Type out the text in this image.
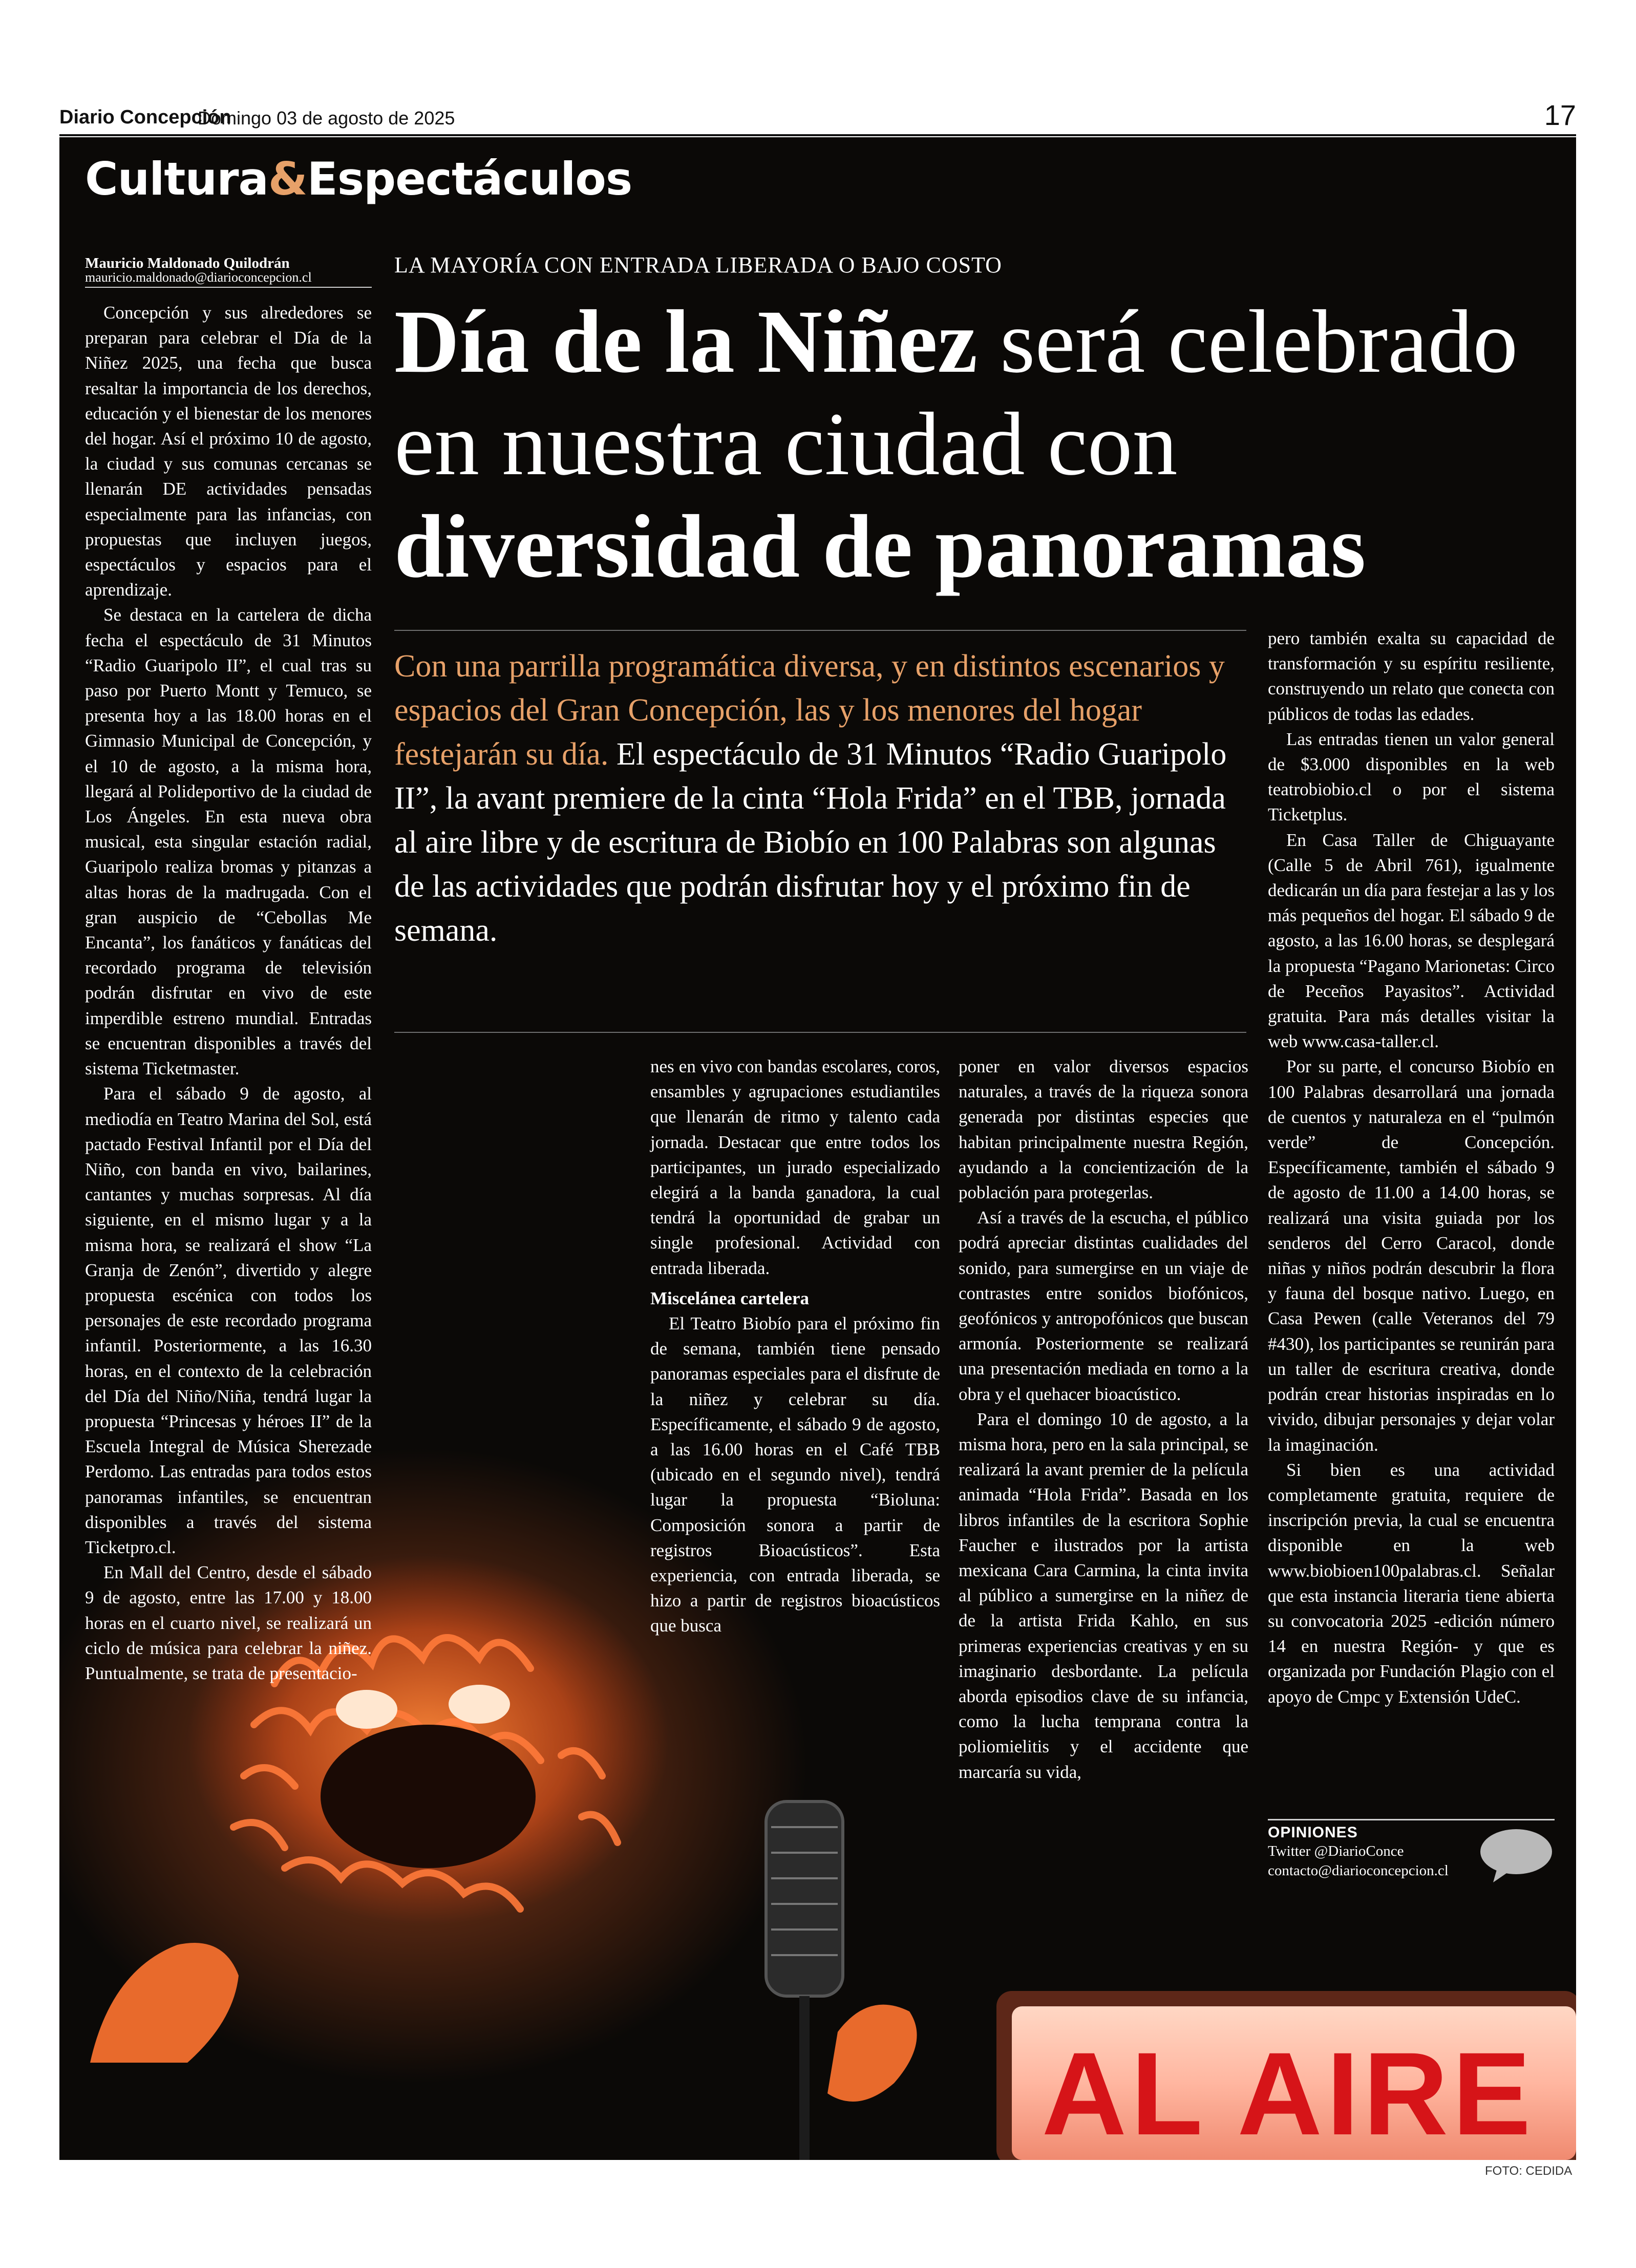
Diario Concepción
Domingo 03 de agosto de 2025	17
AL AIRE
Cultura&Espectáculos
Mauricio Maldonado Quilodrán
mauricio.maldonado@diarioconcepcion.cl	LA MAYORÍA CON ENTRADA LIBERADA O BAJO COSTO
Día de la Niñez será celebrado
en nuestra ciudad con
diversidad de panoramas
Con una parrilla programática diversa, y en distintos escenarios y espacios del Gran Concepción, las y los menores del hogar festejarán su día. El espectáculo de 31 Minutos “Radio Guaripolo II”, la avant premiere de la cinta “Hola Frida” en el TBB, jornada al aire libre y de escritura de Biobío en 100 Palabras son algunas de las actividades que podrán disfrutar hoy y el próximo fin de semana.

Concepción y sus alrededores se preparan para celebrar el Día de la Niñez 2025, una fecha que busca resaltar la importancia de los derechos, educación y el bienestar de los menores del hogar. Así el próximo 10 de agosto, la ciudad y sus comunas cercanas se llenarán DE actividades pensadas especialmente para las infancias, con propuestas que incluyen juegos, espectáculos y espacios para el aprendizaje.

Se destaca en la cartelera de dicha fecha el espectáculo de 31 Minutos “Radio Guaripolo II”, el cual tras su paso por Puerto Montt y Temuco, se presenta hoy a las 18.00 horas en el Gimnasio Municipal de Concepción, y el 10 de agosto, a la misma hora, llegará al Polideportivo de la ciudad de Los Ángeles. En esta nueva obra musical, esta singular estación radial, Guaripolo realiza bromas y pitanzas a altas horas de la madrugada. Con el gran auspicio de “Cebollas Me Encanta”, los fanáticos y fanáticas del recordado programa de televisión podrán disfrutar en vivo de este imperdible estreno mundial. Entradas se encuentran disponibles a través del sistema Ticketmaster.

Para el sábado 9 de agosto, al mediodía en Teatro Marina del Sol, está pactado Festival Infantil por el Día del Niño, con banda en vivo, bailarines, cantantes y muchas sorpresas. Al día siguiente, en el mismo lugar y a la misma hora, se realizará el show “La Granja de Zenón”, divertido y alegre propuesta escénica con todos los personajes de este recordado programa infantil. Posteriormente, a las 16.30 horas, en el contexto de la celebración del Día del Niño/Niña, tendrá lugar la propuesta “Princesas y héroes II” de la Escuela Integral de Música Sherezade Perdomo. Las entradas para todos estos panoramas infantiles, se encuentran disponibles a través del sistema Ticketpro.cl.

En Mall del Centro, desde el sábado 9 de agosto, entre las 17.00 y 18.00 horas en el cuarto nivel, se realizará un ciclo de música para celebrar la niñez. Puntualmente, se trata de presentacio-

nes en vivo con bandas escolares, coros, ensambles y agrupaciones estudiantiles que llenarán de ritmo y talento cada jornada. Destacar que entre todos los participantes, un jurado especializado elegirá a la banda ganadora, la cual tendrá la oportunidad de grabar un single profesional. Actividad con entrada liberada.

Miscelánea cartelera

El Teatro Biobío para el próximo fin de semana, también tiene pensado panoramas especiales para el disfrute de la niñez y celebrar su día. Específicamente, el sábado 9 de agosto, a las 16.00 horas en el Café TBB (ubicado en el segundo nivel), tendrá lugar la propuesta “Bioluna: Composición sonora a partir de registros Bioacústicos”. Esta experiencia, con entrada liberada, se hizo a partir de registros bioacústicos que busca

poner en valor diversos espacios naturales, a través de la riqueza sonora generada por distintas especies que habitan principalmente nuestra Región, ayudando a la concientización de la población para protegerlas.

Así a través de la escucha, el público podrá apreciar distintas cualidades del sonido, para sumergirse en un viaje de contrastes entre sonidos biofónicos, geofónicos y antropofónicos que buscan armonía. Posteriormente se realizará una presentación mediada en torno a la obra y el quehacer bioacústico.

Para el domingo 10 de agosto, a la misma hora, pero en la sala principal, se realizará la avant premier de la película animada “Hola Frida”. Basada en los libros infantiles de la escritora Sophie Faucher e ilustrados por la artista mexicana Cara Carmina, la cinta invita al público a sumergirse en la niñez de de la artista Frida Kahlo, en sus primeras experiencias creativas y en su imaginario desbordante. La película aborda episodios clave de su infancia, como la lucha temprana contra la poliomielitis y el accidente que marcaría su vida,

pero también exalta su capacidad de transformación y su espíritu resiliente, construyendo un relato que conecta con públicos de todas las edades.

Las entradas tienen un valor general de $3.000 disponibles en la web teatrobiobio.cl o por el sistema Ticketplus.

En Casa Taller de Chiguayante (Calle 5 de Abril 761), igualmente dedicarán un día para festejar a las y los más pequeños del hogar. El sábado 9 de agosto, a las 16.00 horas, se desplegará la propuesta “Pagano Marionetas: Circo de Peceños Payasitos”. Actividad gratuita. Para más detalles visitar la web www.casa-taller.cl.

Por su parte, el concurso Biobío en 100 Palabras desarrollará una jornada de cuentos y naturaleza en el “pulmón verde” de Concepción. Específicamente, también el sábado 9 de agosto de 11.00 a 14.00 horas, se realizará una visita guiada por los senderos del Cerro Caracol, donde niñas y niños podrán descubrir la flora y fauna del bosque nativo. Luego, en Casa Pewen (calle Veteranos del 79 #430), los participantes se reunirán para un taller de escritura creativa, donde podrán crear historias inspiradas en lo vivido, dibujar personajes y dejar volar la imaginación.

Si bien es una actividad completamente gratuita, requiere de inscripción previa, la cual se encuentra disponible en la web www.biobioen100palabras.cl. Señalar que esta instancia literaria tiene abierta su convocatoria 2025 -edición número 14 en nuestra Región- y que es organizada por Fundación Plagio con el apoyo de Cmpc y Extensión UdeC.

OPINIONES
Twitter @DiarioConce
contacto@diarioconcepcion.cl
FOTO: CEDIDA
